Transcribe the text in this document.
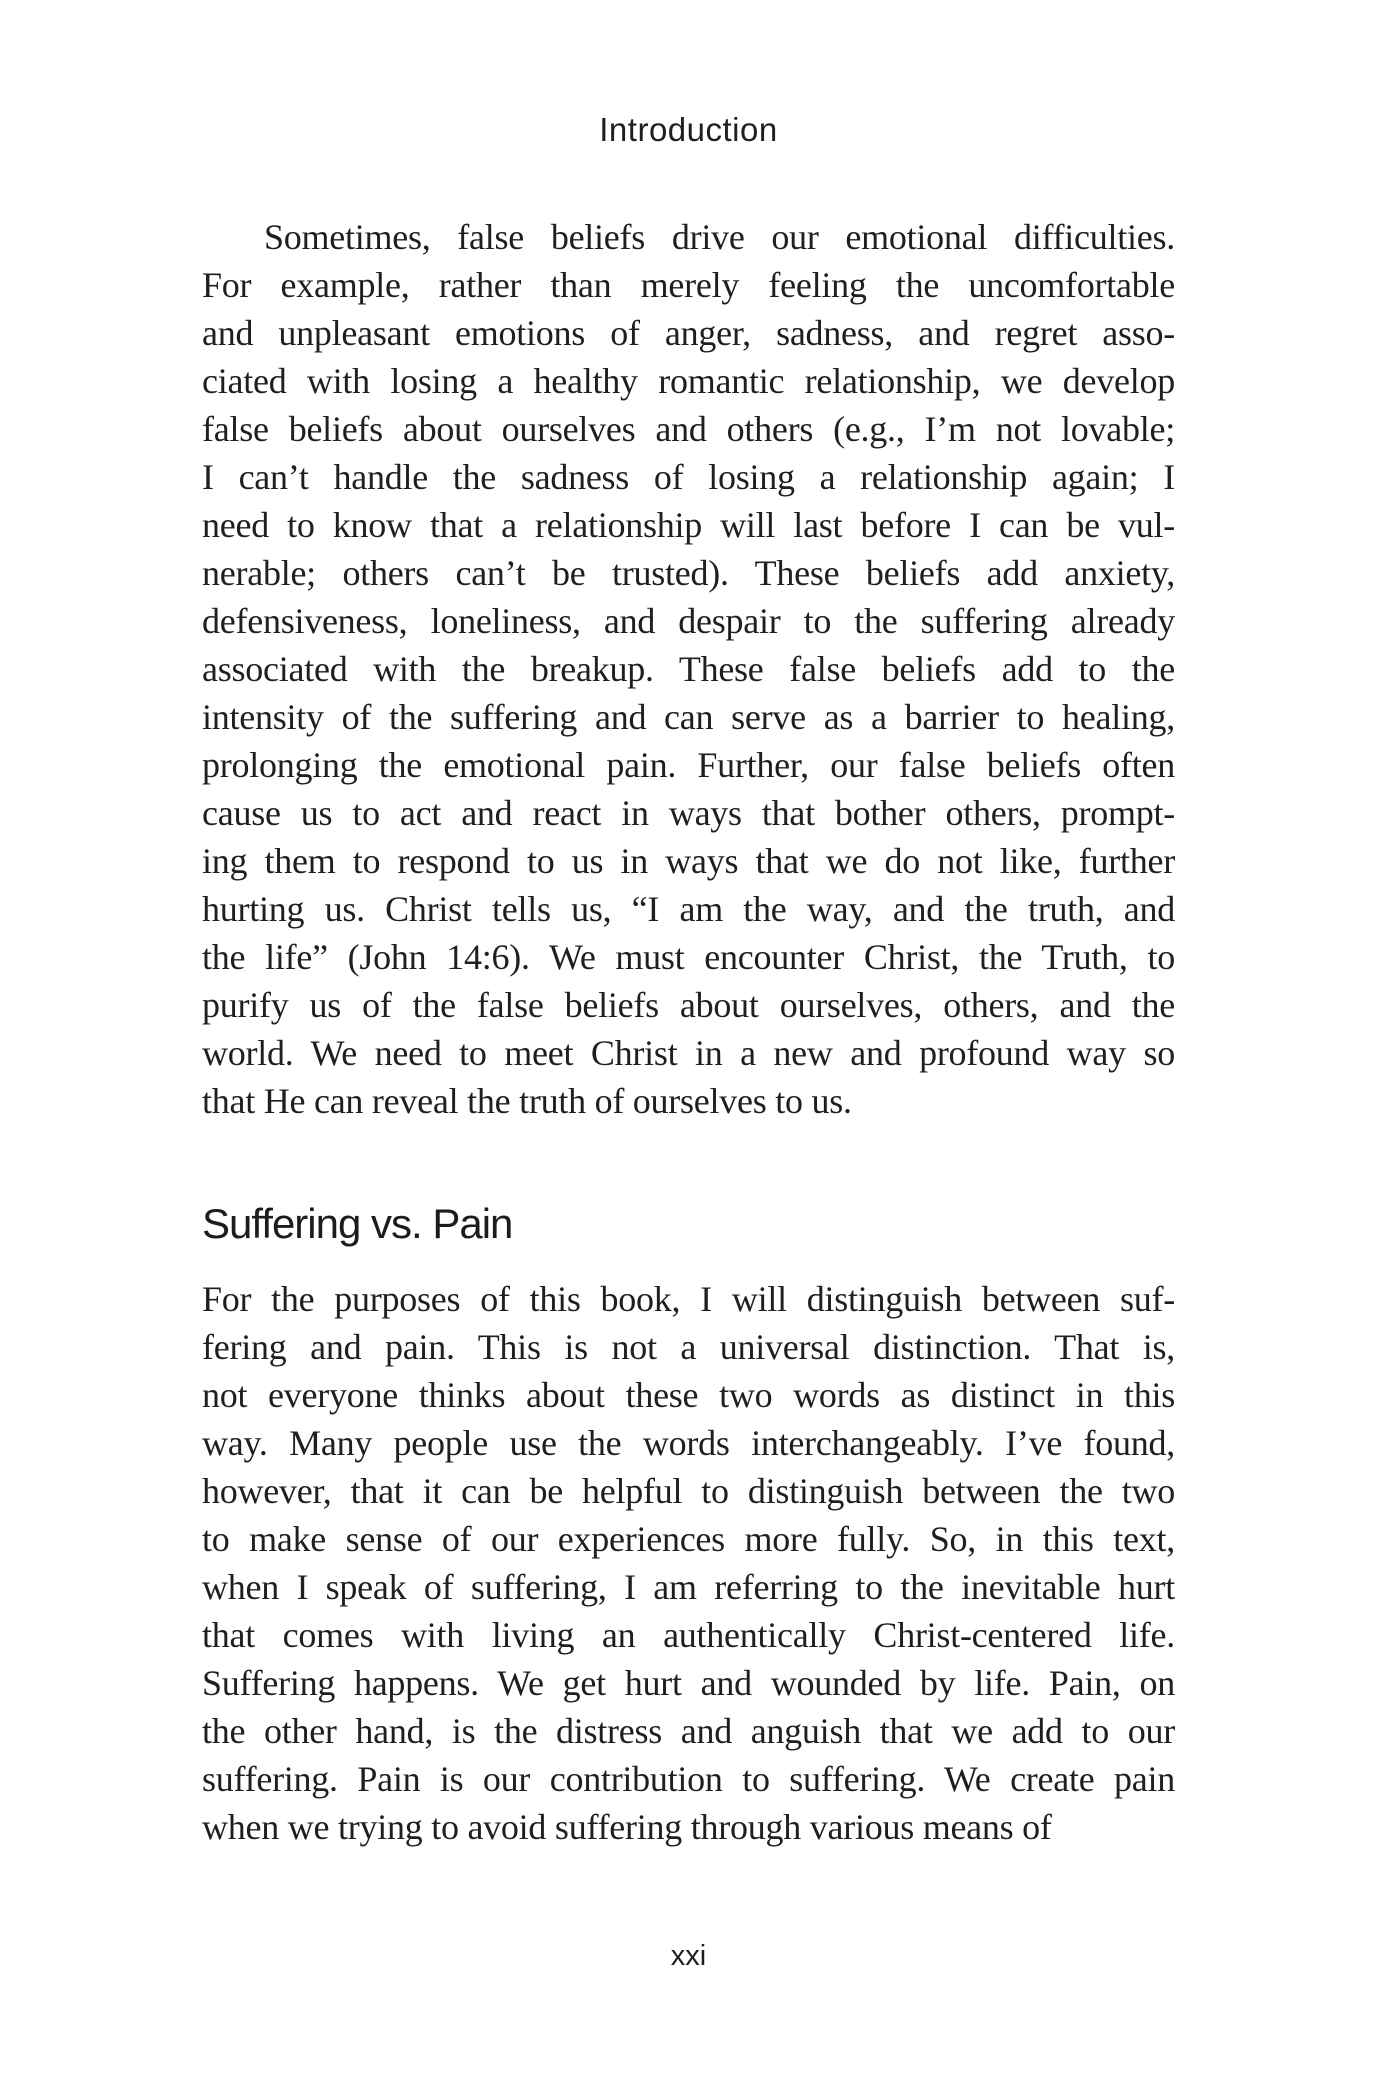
Introduction
Sometimes, false beliefs drive our emotional difficulties.
For example, rather than merely feeling the uncomfortable
and unpleasant emotions of anger, sadness, and regret asso-
ciated with losing a healthy romantic relationship, we develop
false beliefs about ourselves and others (e.g., I’m not lovable;
I can’t handle the sadness of losing a relationship again; I
need to know that a relationship will last before I can be vul-
nerable; others can’t be trusted). These beliefs add anxiety,
defensiveness, loneliness, and despair to the suffering already
associated with the breakup. These false beliefs add to the
intensity of the suffering and can serve as a barrier to healing,
prolonging the emotional pain. Further, our false beliefs often
cause us to act and react in ways that bother others, prompt-
ing them to respond to us in ways that we do not like, further
hurting us. Christ tells us, “I am the way, and the truth, and
the life” (John 14:6). We must encounter Christ, the Truth, to
purify us of the false beliefs about ourselves, others, and the
world. We need to meet Christ in a new and profound way so
that He can reveal the truth of ourselves to us.
Suffering vs. Pain
For the purposes of this book, I will distinguish between suf-
fering and pain. This is not a universal distinction. That is,
not everyone thinks about these two words as distinct in this
way. Many people use the words interchangeably. I’ve found,
however, that it can be helpful to distinguish between the two
to make sense of our experiences more fully. So, in this text,
when I speak of suffering, I am referring to the inevitable hurt
that comes with living an authentically Christ-centered life.
Suffering happens. We get hurt and wounded by life. Pain, on
the other hand, is the distress and anguish that we add to our
suffering. Pain is our contribution to suffering. We create pain
when we trying to avoid suffering through various means of
xxi
